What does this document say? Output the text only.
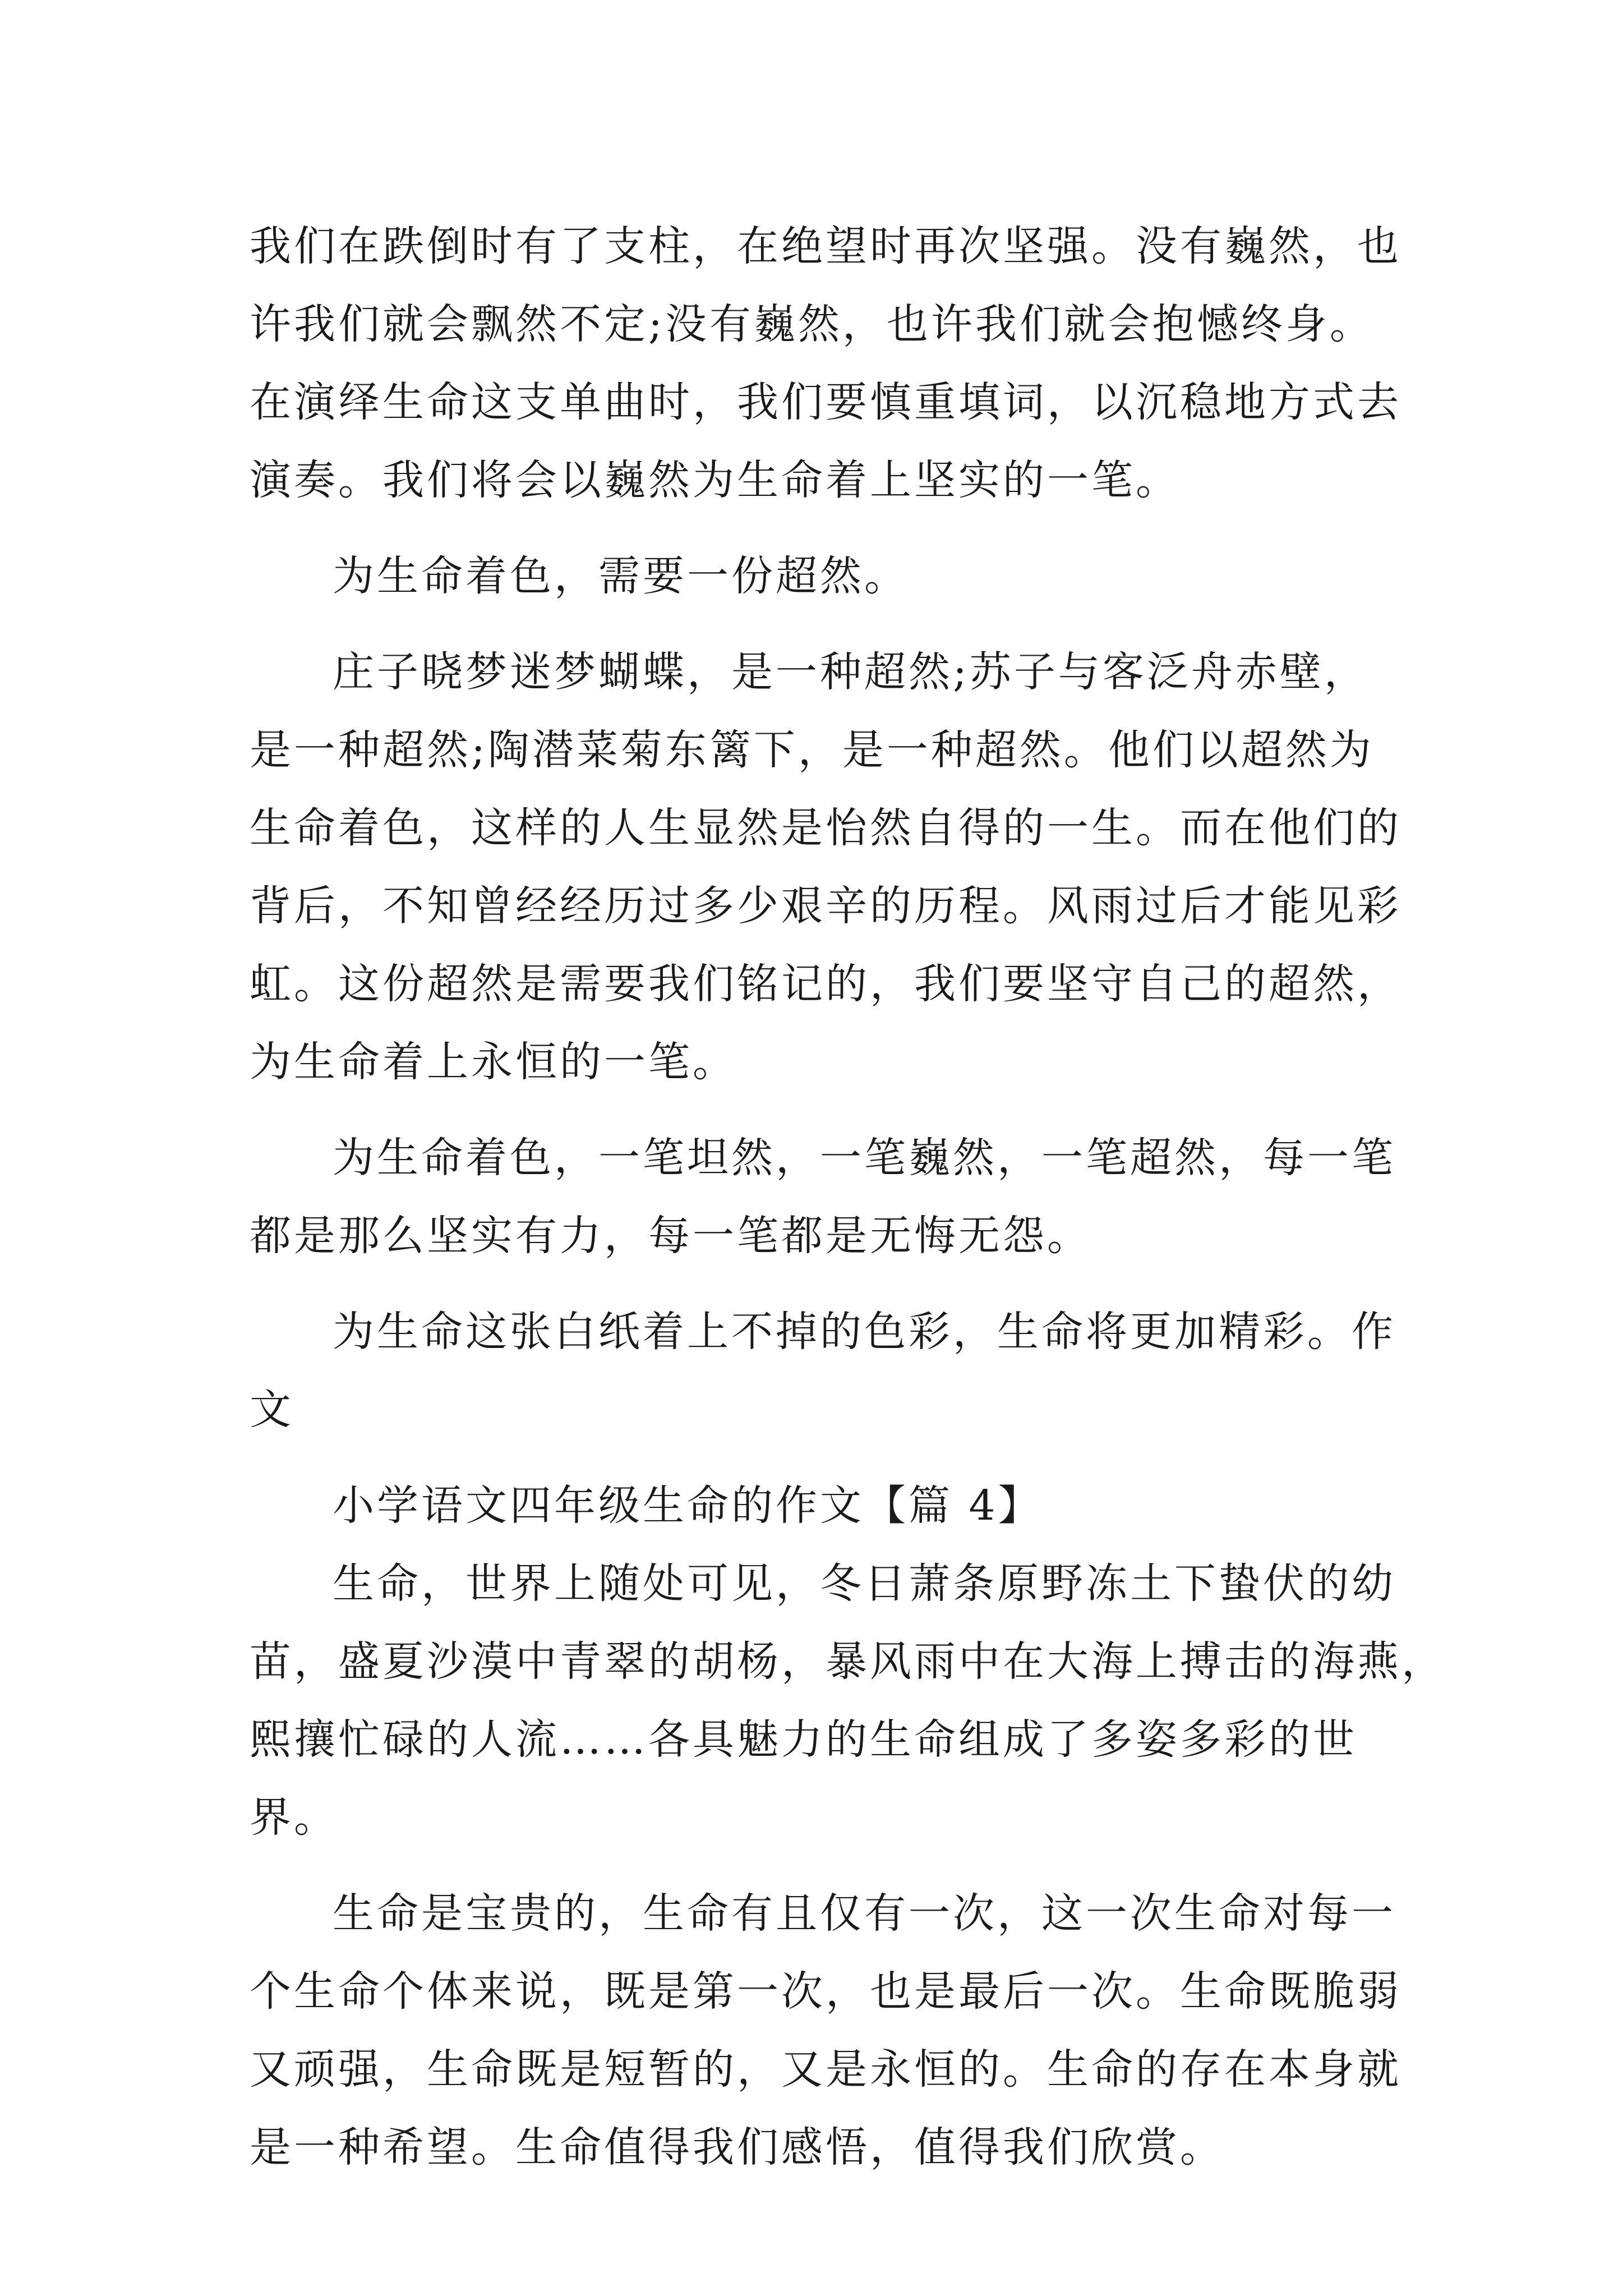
我们在跌倒时有了支柱，在绝望时再次坚强。没有巍然，也
许我们就会飘然不定;没有巍然，也许我们就会抱憾终身。
在演绎生命这支单曲时，我们要慎重填词，以沉稳地方式去
演奏。我们将会以巍然为生命着上坚实的一笔。
为生命着色，需要一份超然。
庄子晓梦迷梦蝴蝶，是一种超然;苏子与客泛舟赤壁，
是一种超然;陶潜菜菊东篱下，是一种超然。他们以超然为
生命着色，这样的人生显然是怡然自得的一生。而在他们的
背后，不知曾经经历过多少艰辛的历程。风雨过后才能见彩
虹。这份超然是需要我们铭记的，我们要坚守自己的超然，
为生命着上永恒的一笔。
为生命着色，一笔坦然，一笔巍然，一笔超然，每一笔
都是那么坚实有力，每一笔都是无悔无怨。
为生命这张白纸着上不掉的色彩，生命将更加精彩。作
文
小学语文四年级生命的作文【篇 4】
生命，世界上随处可见，冬日萧条原野冻土下蛰伏的幼
苗，盛夏沙漠中青翠的胡杨，暴风雨中在大海上搏击的海燕，
熙攘忙碌的人流……各具魅力的生命组成了多姿多彩的世
界。
生命是宝贵的，生命有且仅有一次，这一次生命对每一
个生命个体来说，既是第一次，也是最后一次。生命既脆弱
又顽强，生命既是短暂的，又是永恒的。生命的存在本身就
是一种希望。生命值得我们感悟，值得我们欣赏。
